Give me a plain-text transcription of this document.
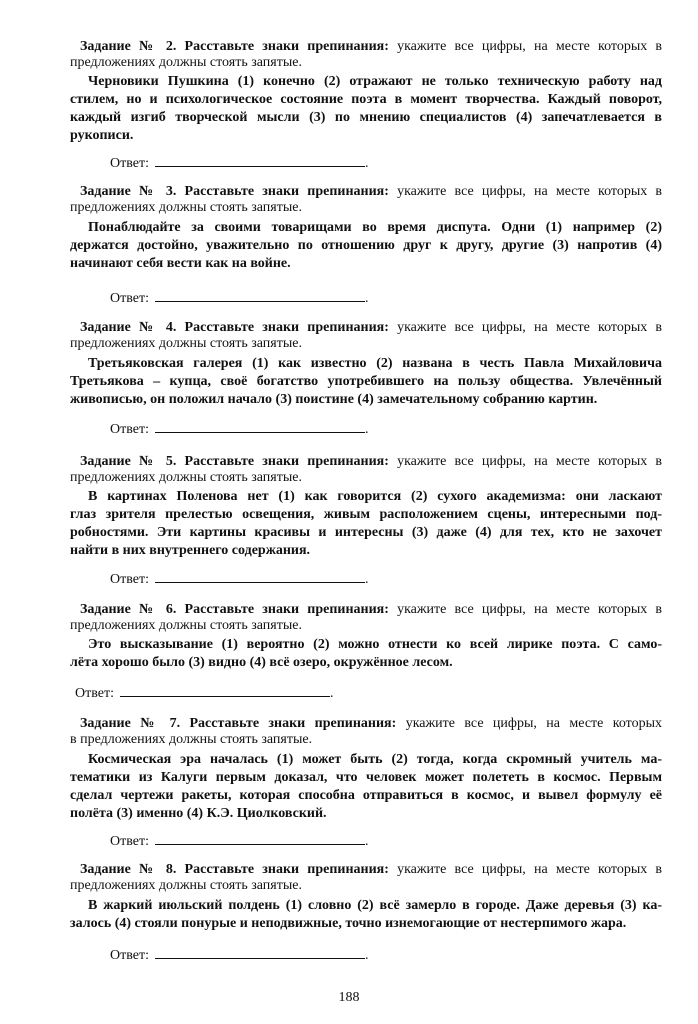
Задание № 2. Расставьте знаки препинания: укажите все цифры, на месте которых в
предложениях должны стоять запятые.
Черновики Пушкина (1) конечно (2) отражают не только техническую работу над
стилем, но и психологическое состояние поэта в момент творчества. Каждый поворот,
каждый изгиб творческой мысли (3) по мнению специалистов (4) запечатлевается в
рукописи.
Ответ:	.
Задание № 3. Расставьте знаки препинания: укажите все цифры, на месте которых в
предложениях должны стоять запятые.
Понаблюдайте за своими товарищами во время диспута. Одни (1) например (2)
держатся достойно, уважительно по отношению друг к другу, другие (3) напротив (4)
начинают себя вести как на войне.
Ответ:	.
Задание № 4. Расставьте знаки препинания: укажите все цифры, на месте которых в
предложениях должны стоять запятые.
Третьяковская галерея (1) как известно (2) названа в честь Павла Михайловича
Третьякова – купца, своё богатство употребившего на пользу общества. Увлечённый
живописью, он положил начало (3) поистине (4) замечательному собранию картин.
Ответ:	.
Задание № 5. Расставьте знаки препинания: укажите все цифры, на месте которых в
предложениях должны стоять запятые.
В картинах Поленова нет (1) как говорится (2) сухого академизма: они ласкают
глаз зрителя прелестью освещения, живым расположением сцены, интересными под-
робностями. Эти картины красивы и интересны (3) даже (4) для тех, кто не захочет
найти в них внутреннего содержания.
Ответ:	.
Задание № 6. Расставьте знаки препинания: укажите все цифры, на месте которых в
предложениях должны стоять запятые.
Это высказывание (1) вероятно (2) можно отнести ко всей лирике поэта. С само-
лёта хорошо было (3) видно (4) всё озеро, окружённое лесом.
Ответ:	.
Задание № 7. Расставьте знаки препинания: укажите все цифры, на месте которых
в предложениях должны стоять запятые.
Космическая эра началась (1) может быть (2) тогда, когда скромный учитель ма-
тематики из Калуги первым доказал, что человек может полететь в космос. Первым
сделал чертежи ракеты, которая способна отправиться в космос, и вывел формулу её
полёта (3) именно (4) К.Э. Циолковский.
Ответ:	.
Задание № 8. Расставьте знаки препинания: укажите все цифры, на месте которых в
предложениях должны стоять запятые.
В жаркий июльский полдень (1) словно (2) всё замерло в городе. Даже деревья (3) ка-
залось (4) стояли понурые и неподвижные, точно изнемогающие от нестерпимого жара.
Ответ:	.
188
